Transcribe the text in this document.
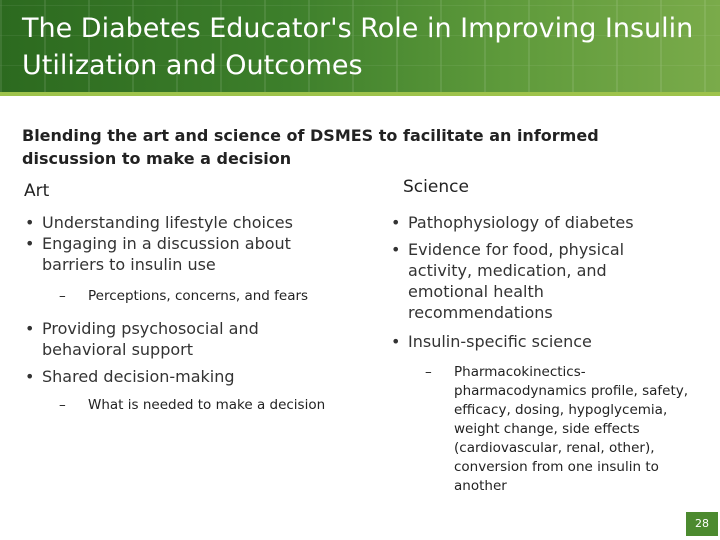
The Diabetes Educator's Role in Improving Insulin Utilization and Outcomes
Blending the art and science of DSMES to facilitate an informed discussion to make a decision
Art	Science
• Understanding lifestyle choices
• Engaging in a discussion about barriers to insulin use
– Perceptions, concerns, and fears
• Providing psychosocial and behavioral support
• Shared decision-making
– What is needed to make a decision
• Pathophysiology of diabetes
• Evidence for food, physical activity, medication, and emotional health recommendations
• Insulin-specific science
– Pharmacokinectics-pharmacodynamics profile, safety, efficacy, dosing, hypoglycemia, weight change, side effects (cardiovascular, renal, other), conversion from one insulin to another
28
